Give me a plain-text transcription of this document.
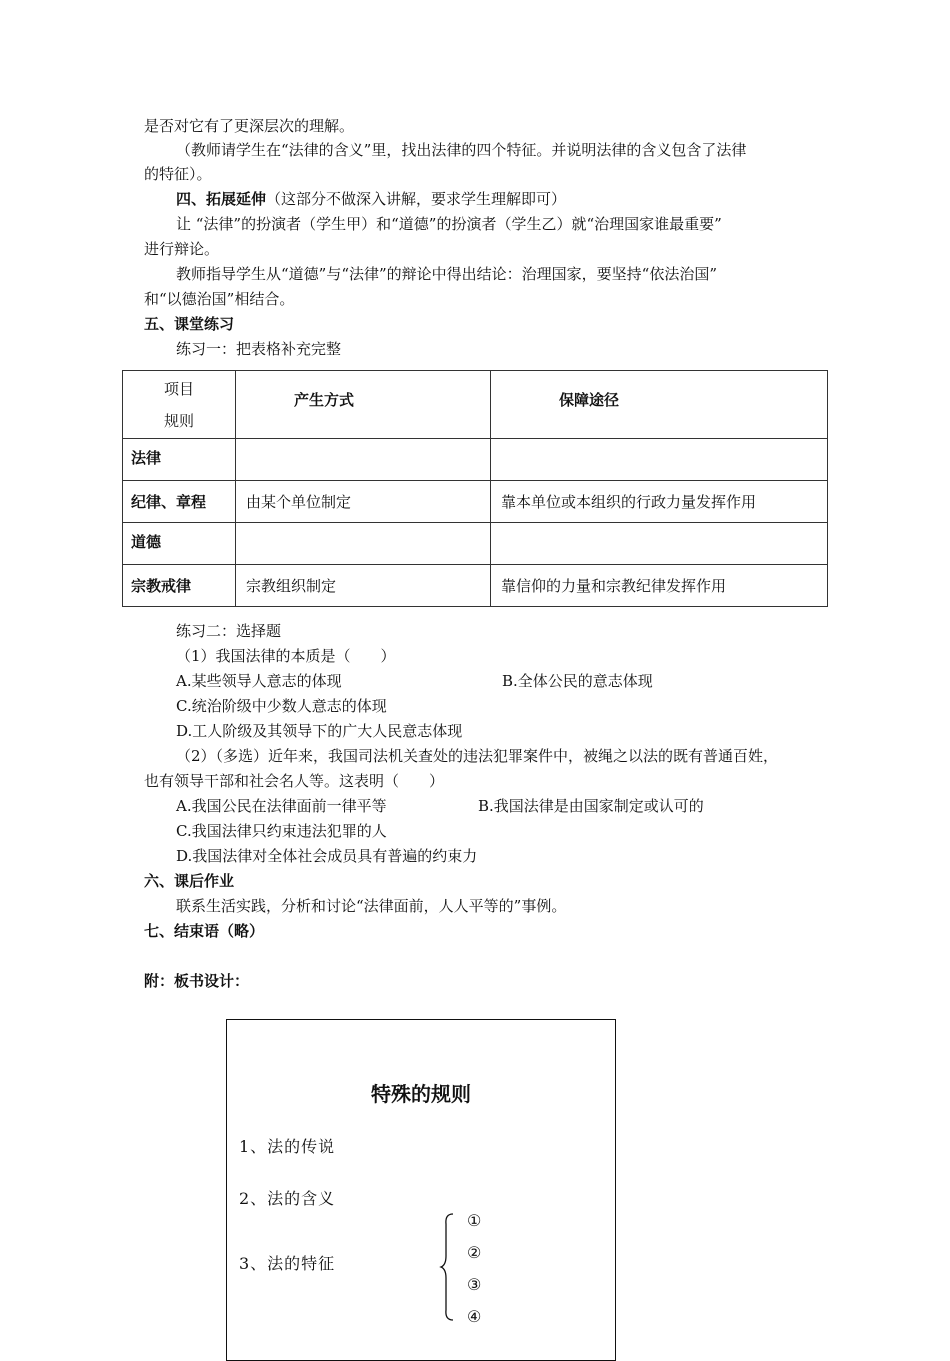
是否对它有了更深层次的理解。
（教师请学生在“法律的含义”里，找出法律的四个特征。并说明法律的含义包含了法律
的特征）。
四、拓展延伸（这部分不做深入讲解，要求学生理解即可）
让 “法律”的扮演者（学生甲）和“道德”的扮演者（学生乙）就“治理国家谁最重要”
进行辩论。
教师指导学生从“道德”与“法律”的辩论中得出结论：治理国家，要坚持“依法治国”
和“以德治国”相结合。
五、课堂练习
练习一：把表格补充完整
项目
规则	产生方式	保障途径
法律		
纪律、章程	由某个单位制定	靠本单位或本组织的行政力量发挥作用
道德		
宗教戒律	宗教组织制定	靠信仰的力量和宗教纪律发挥作用
练习二：选择题
（1）我国法律的本质是（　　）
A.某些领导人意志的体现	B.全体公民的意志体现
C.统治阶级中少数人意志的体现
D.工人阶级及其领导下的广大人民意志体现
（2）（多选）近年来，我国司法机关查处的违法犯罪案件中，被绳之以法的既有普通百姓，
也有领导干部和社会名人等。这表明（　　）
A.我国公民在法律面前一律平等	B.我国法律是由国家制定或认可的
C.我国法律只约束违法犯罪的人
D.我国法律对全体社会成员具有普遍的约束力
六、课后作业
联系生活实践，分析和讨论“法律面前，人人平等的”事例。
七、结束语（略）
附：板书设计：
特殊的规则
1、法的传说
2、法的含义
3、法的特征
①
②
③
④
